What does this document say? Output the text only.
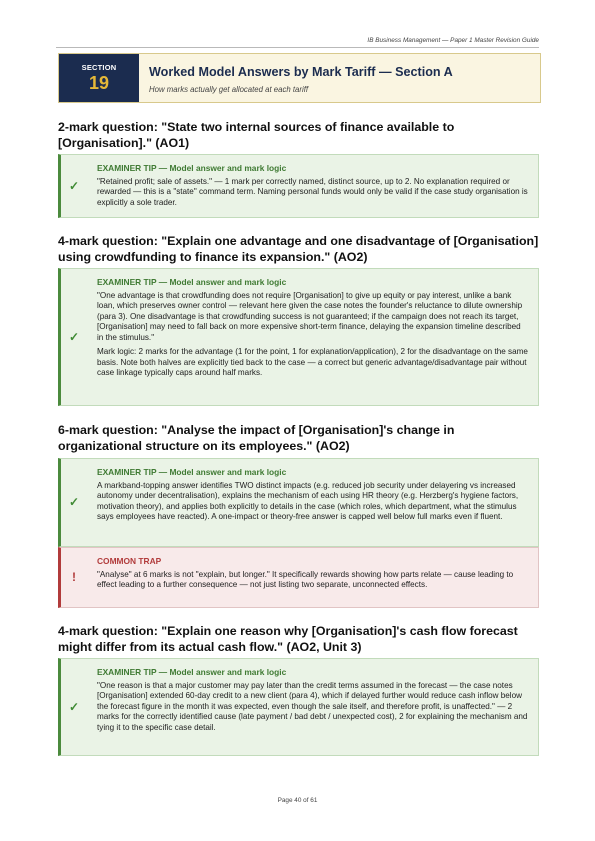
IB Business Management — Paper 1 Master Revision Guide
SECTION
19
Worked Model Answers by Mark Tariff — Section A
How marks actually get allocated at each tariff
2-mark question: "State two internal sources of finance available to [Organisation]." (AO1)
✓
EXAMINER TIP — Model answer and mark logic

"Retained profit; sale of assets." — 1 mark per correctly named, distinct source, up to 2. No explanation required or rewarded — this is a "state" command term. Naming personal funds would only be valid if the case study organisation is explicitly a sole trader.

4-mark question: "Explain one advantage and one disadvantage of [Organisation] using crowdfunding to finance its expansion." (AO2)
✓
EXAMINER TIP — Model answer and mark logic

"One advantage is that crowdfunding does not require [Organisation] to give up equity or pay interest, unlike a bank loan, which preserves owner control — relevant here given the case notes the founder's reluctance to dilute ownership (para 3). One disadvantage is that crowdfunding success is not guaranteed; if the campaign does not reach its target, [Organisation] may need to fall back on more expensive short-term finance, delaying the expansion timeline described in the stimulus."

Mark logic: 2 marks for the advantage (1 for the point, 1 for explanation/application), 2 for the disadvantage on the same basis. Note both halves are explicitly tied back to the case — a correct but generic advantage/disadvantage pair without case linkage typically caps around half marks.

6-mark question: "Analyse the impact of [Organisation]'s change in organizational structure on its employees." (AO2)
✓
EXAMINER TIP — Model answer and mark logic

A markband-topping answer identifies TWO distinct impacts (e.g. reduced job security under delayering vs increased autonomy under decentralisation), explains the mechanism of each using HR theory (e.g. Herzberg's hygiene factors, motivation theory), and applies both explicitly to details in the case (which roles, which department, what the stimulus says employees have reacted). A one-impact or theory-free answer is capped well below full marks even if fluent.

!
COMMON TRAP

"Analyse" at 6 marks is not "explain, but longer." It specifically rewards showing how parts relate — cause leading to effect leading to a further consequence — not just listing two separate, unconnected effects.

4-mark question: "Explain one reason why [Organisation]'s cash flow forecast might differ from its actual cash flow." (AO2, Unit 3)
✓
EXAMINER TIP — Model answer and mark logic

"One reason is that a major customer may pay later than the credit terms assumed in the forecast — the case notes [Organisation] extended 60-day credit to a new client (para 4), which if delayed further would reduce cash inflow below the forecast figure in the month it was expected, even though the sale itself, and therefore profit, is unaffected." — 2 marks for the correctly identified cause (late payment / bad debt / unexpected cost), 2 for explaining the mechanism and tying it to the specific case detail.

Page 40 of 61
